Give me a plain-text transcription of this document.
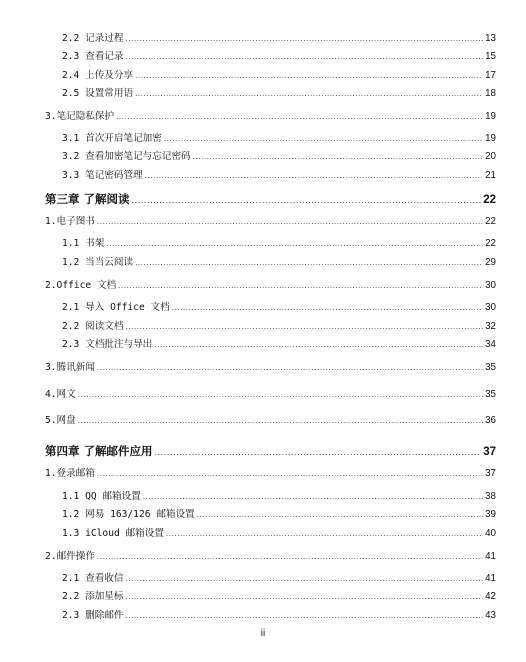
2.2 记录过程 .....	13
2.3 查看记录 .....	15
2.4 上传及分享 .....	17
2.5 设置常用语 .....	18
3.笔记隐私保护 .....	19
3.1 首次开启笔记加密 .....	19
3.2 查看加密笔记与忘记密码 .....	20
3.3 笔记密码管理 .....	21
第三章 了解阅读 .....	22
1.电子图书 .....	22
1.1 书架 .....	22
1.2 当当云阅读 .....	29
2.Office 文档 .....	30
2.1 导入 Office 文档 .....	30
2.2 阅读文档 .....	32
2.3 文档批注与导出 .....	34
3.腾讯新闻 .....	35
4.网文 .....	35
5.网盘 .....	36
第四章 了解邮件应用 .....	37
1.登录邮箱 .....	37
1.1 QQ 邮箱设置 .....	38
1.2 网易 163/126 邮箱设置 .....	39
1.3 iCloud 邮箱设置 .....	40
2.邮件操作 .....	41
2.1 查看收信 .....	41
2.2 添加星标 .....	42
2.3 删除邮件 .....	43
ii
